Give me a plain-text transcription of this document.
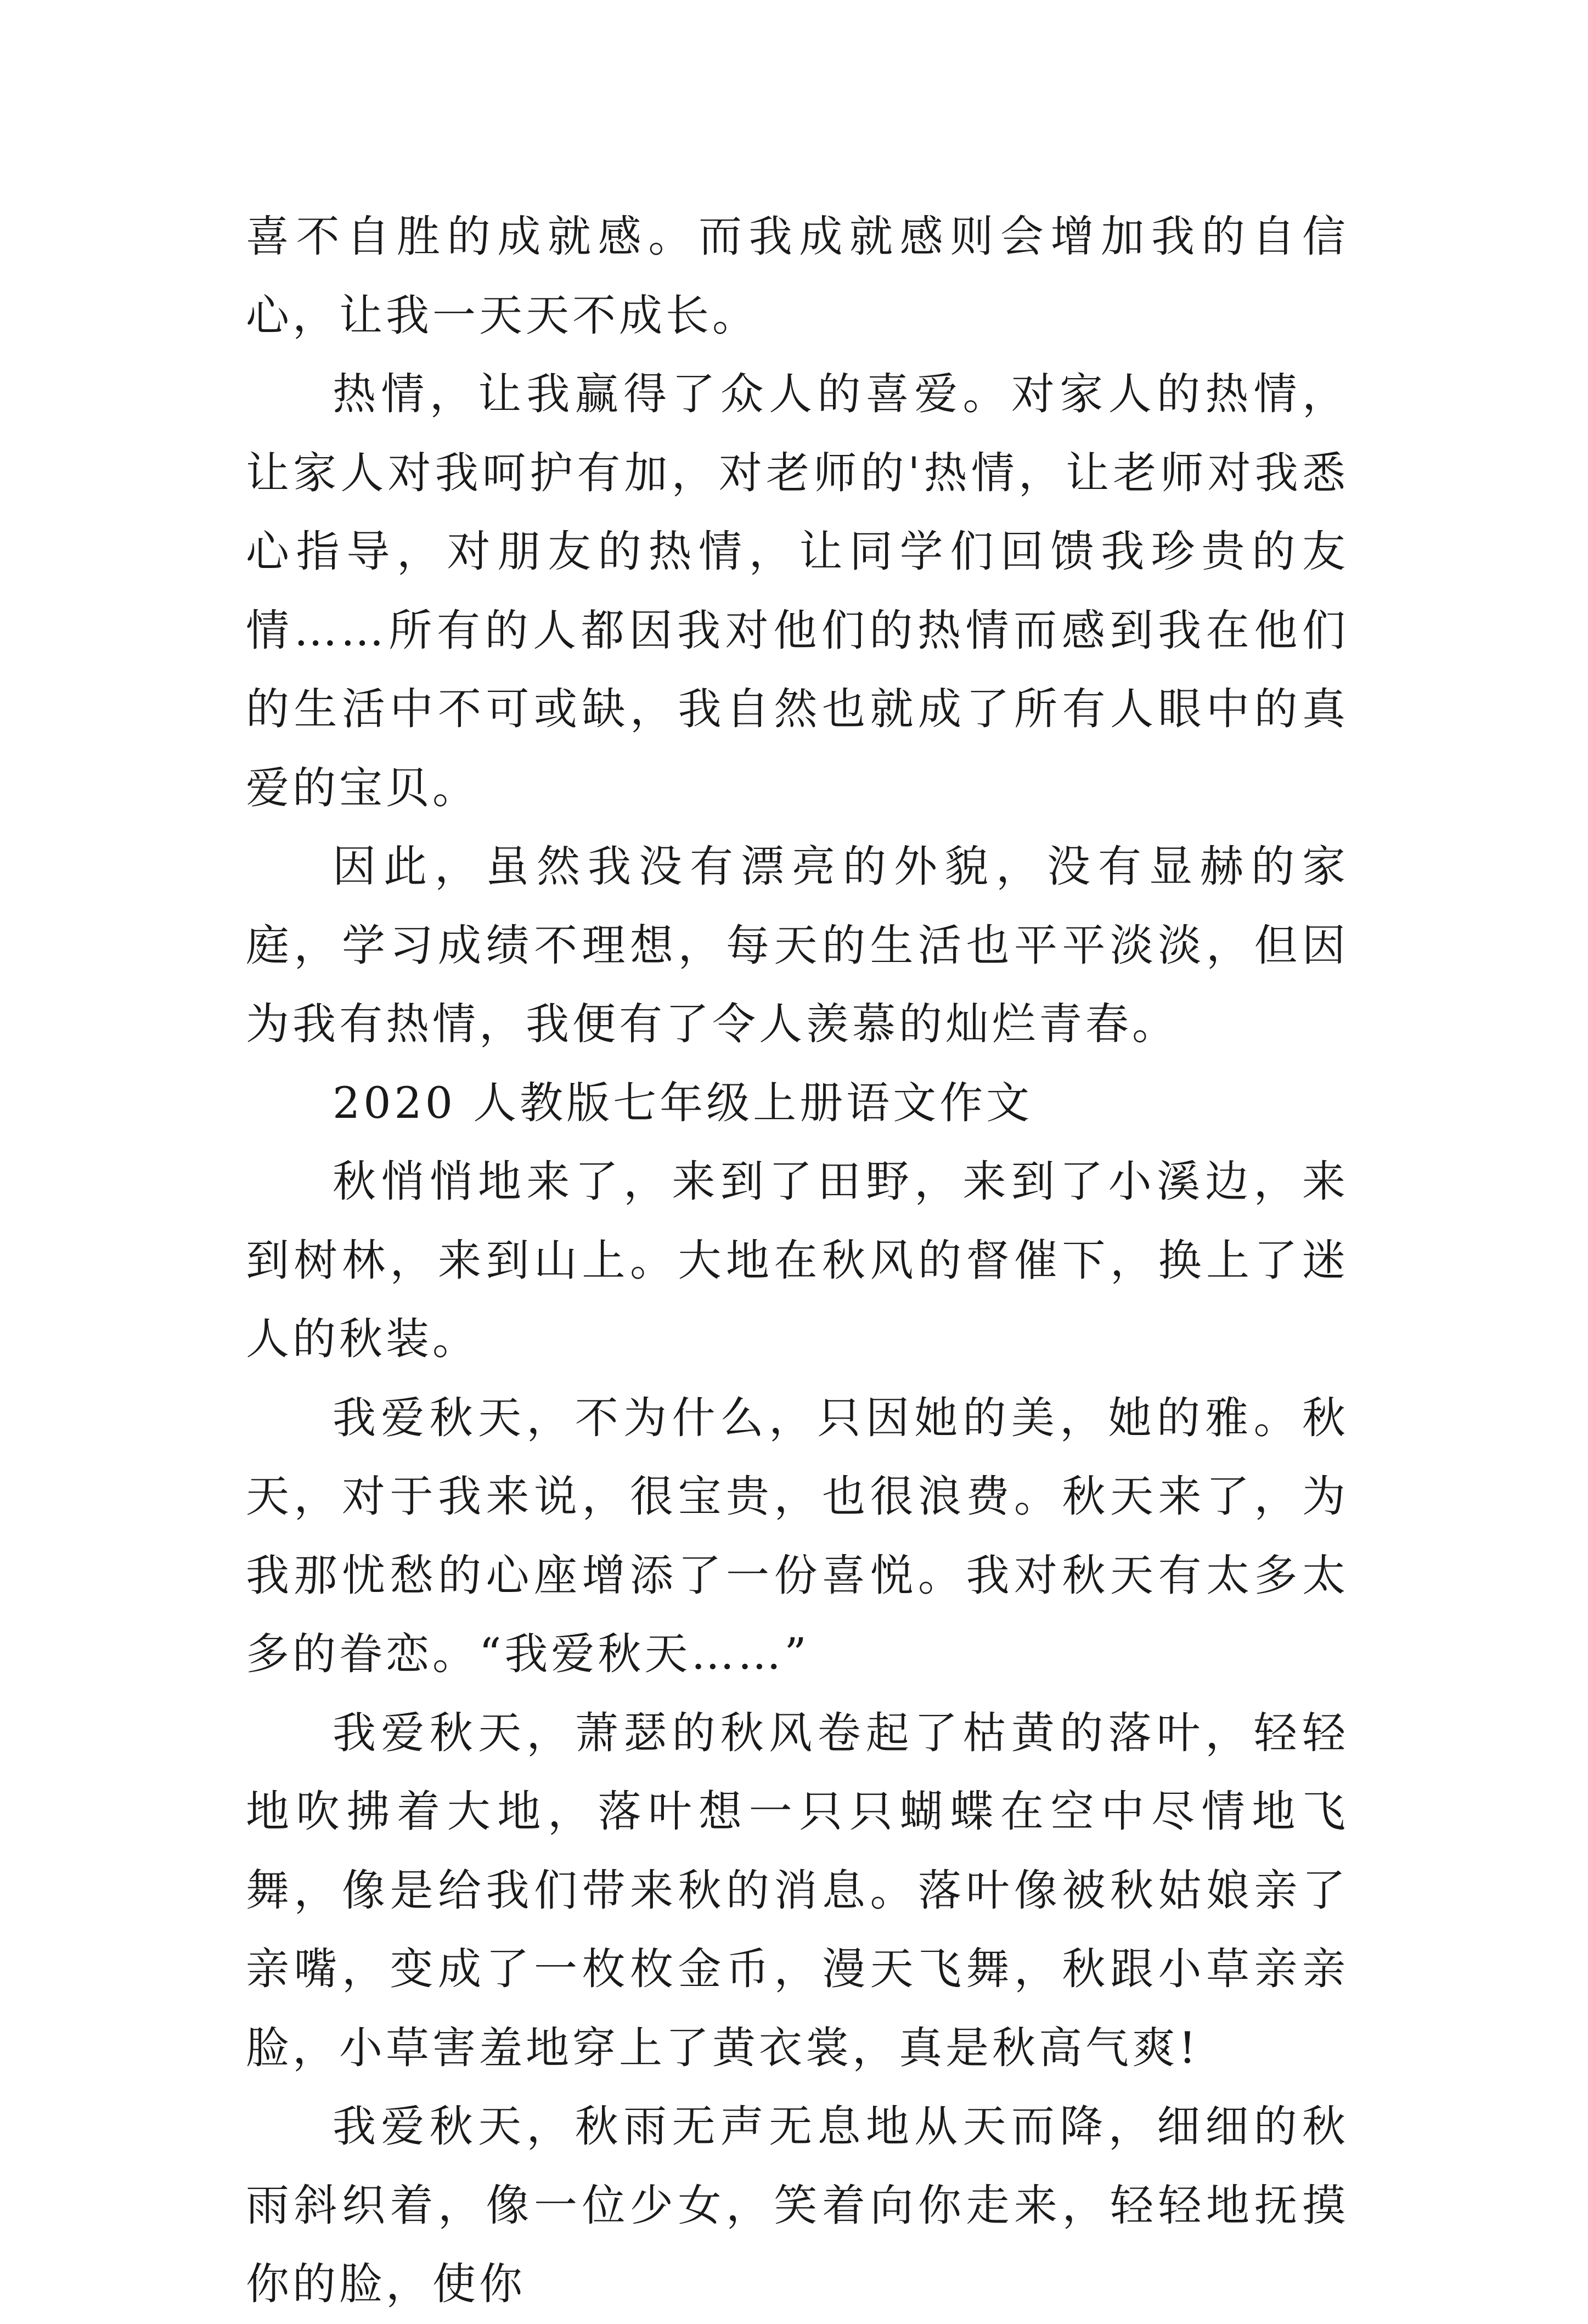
喜不自胜的成就感。而我成就感则会增加我的自信心，让我一天天不成长。

热情，让我赢得了众人的喜爱。对家人的热情，让家人对我呵护有加，对老师的'热情，让老师对我悉心指导，对朋友的热情，让同学们回馈我珍贵的友情……所有的人都因我对他们的热情而感到我在他们的生活中不可或缺，我自然也就成了所有人眼中的真爱的宝贝。

因此，虽然我没有漂亮的外貌，没有显赫的家庭，学习成绩不理想，每天的生活也平平淡淡，但因为我有热情，我便有了令人羡慕的灿烂青春。

2020 人教版七年级上册语文作文

秋悄悄地来了，来到了田野，来到了小溪边，来到树林，来到山上。大地在秋风的督催下，换上了迷人的秋装。

我爱秋天，不为什么，只因她的美，她的雅。秋天，对于我来说，很宝贵，也很浪费。秋天来了，为我那忧愁的心座增添了一份喜悦。我对秋天有太多太多的眷恋。“我爱秋天……”

我爱秋天，萧瑟的秋风卷起了枯黄的落叶，轻轻地吹拂着大地，落叶想一只只蝴蝶在空中尽情地飞舞，像是给我们带来秋的消息。落叶像被秋姑娘亲了亲嘴，变成了一枚枚金币，漫天飞舞，秋跟小草亲亲脸，小草害羞地穿上了黄衣裳，真是秋高气爽!

我爱秋天，秋雨无声无息地从天而降，细细的秋雨斜织着，像一位少女，笑着向你走来，轻轻地抚摸你的脸，使你
